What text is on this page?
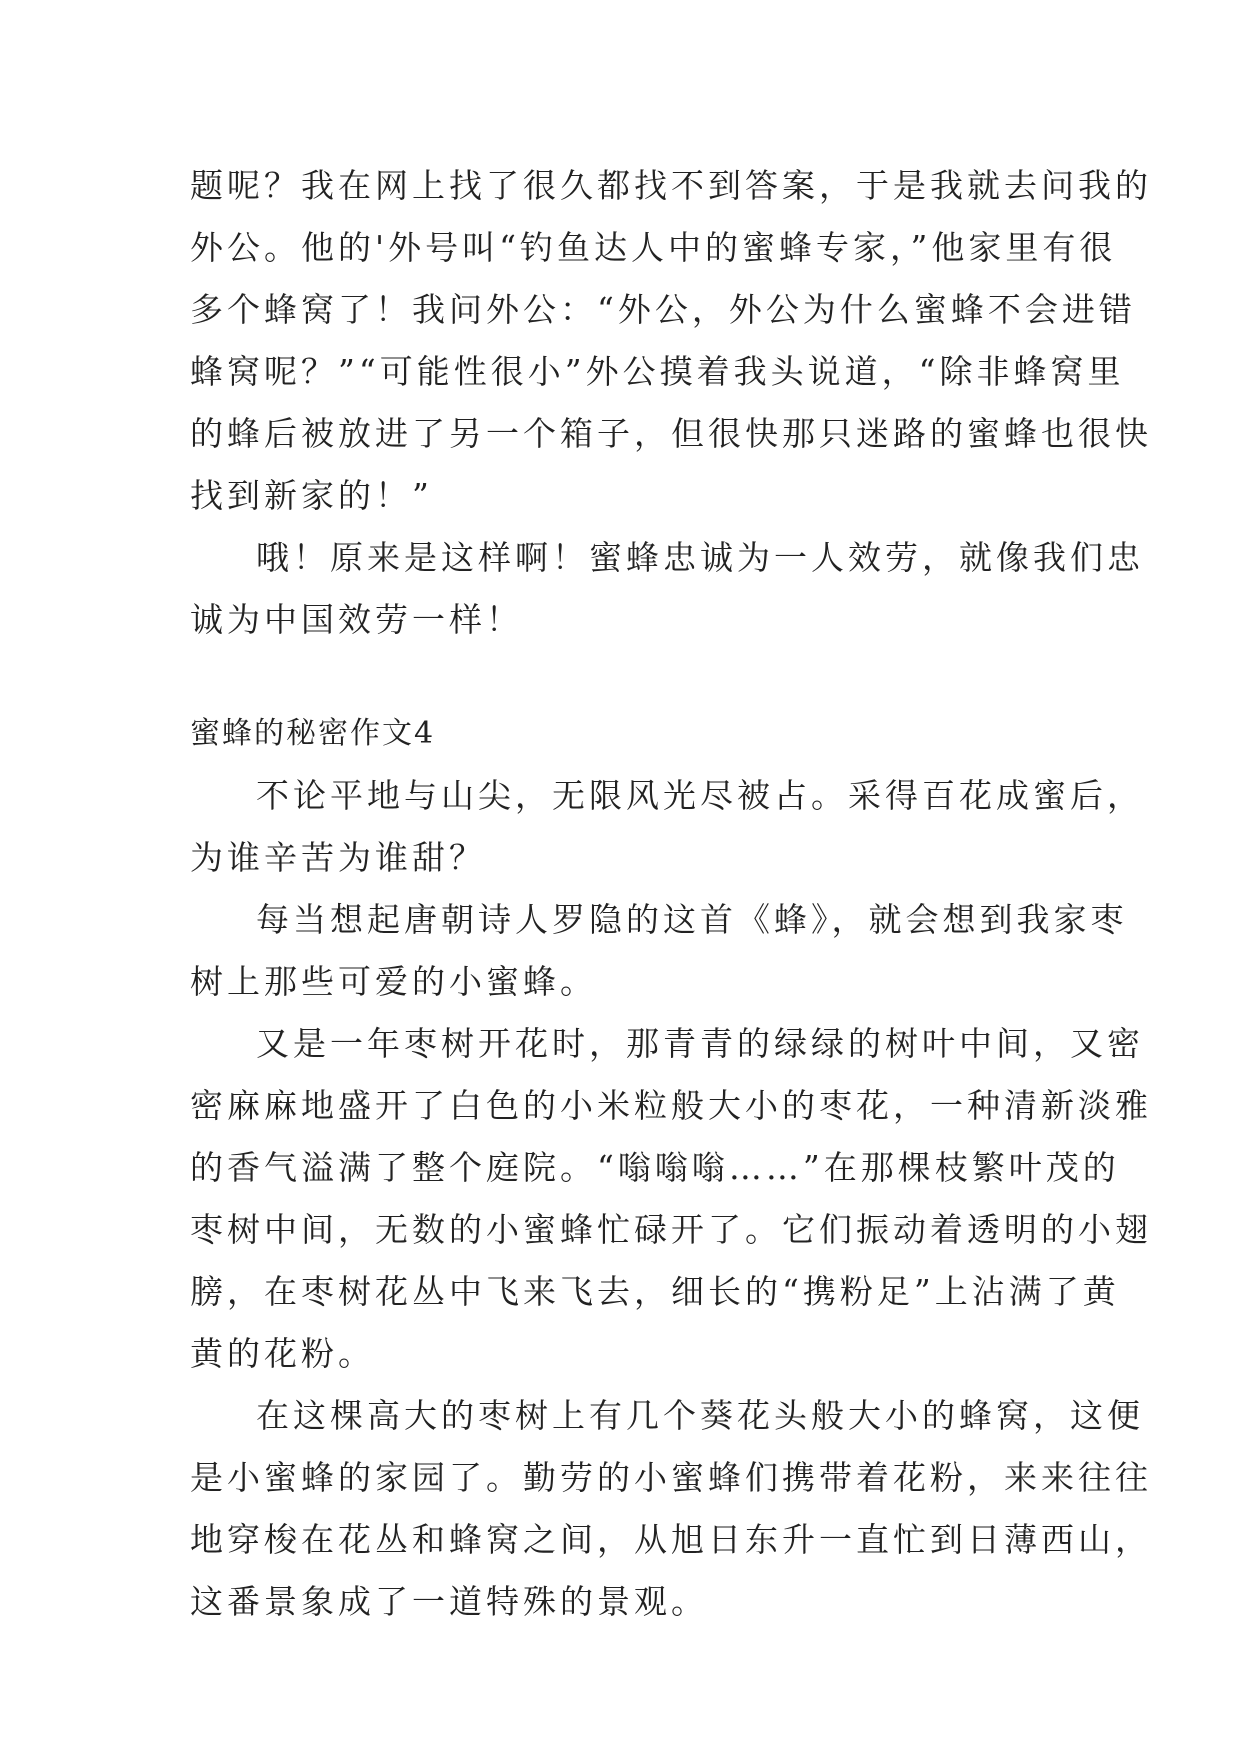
题呢？我在网上找了很久都找不到答案，于是我就去问我的
外公。他的'外号叫“钓鱼达人中的蜜蜂专家，”他家里有很
多个蜂窝了！我问外公：“外公，外公为什么蜜蜂不会进错
蜂窝呢？”“可能性很小”外公摸着我头说道，“除非蜂窝里
的蜂后被放进了另一个箱子，但很快那只迷路的蜜蜂也很快
找到新家的！”
哦！原来是这样啊！蜜蜂忠诚为一人效劳，就像我们忠
诚为中国效劳一样！
蜜蜂的秘密作文4
不论平地与山尖，无限风光尽被占。采得百花成蜜后，
为谁辛苦为谁甜？
每当想起唐朝诗人罗隐的这首《蜂》，就会想到我家枣
树上那些可爱的小蜜蜂。
又是一年枣树开花时，那青青的绿绿的树叶中间，又密
密麻麻地盛开了白色的小米粒般大小的枣花，一种清新淡雅
的香气溢满了整个庭院。“嗡嗡嗡……”在那棵枝繁叶茂的
枣树中间，无数的小蜜蜂忙碌开了。它们振动着透明的小翅
膀，在枣树花丛中飞来飞去，细长的“携粉足”上沾满了黄
黄的花粉。
在这棵高大的枣树上有几个葵花头般大小的蜂窝，这便
是小蜜蜂的家园了。勤劳的小蜜蜂们携带着花粉，来来往往
地穿梭在花丛和蜂窝之间，从旭日东升一直忙到日薄西山，
这番景象成了一道特殊的景观。
